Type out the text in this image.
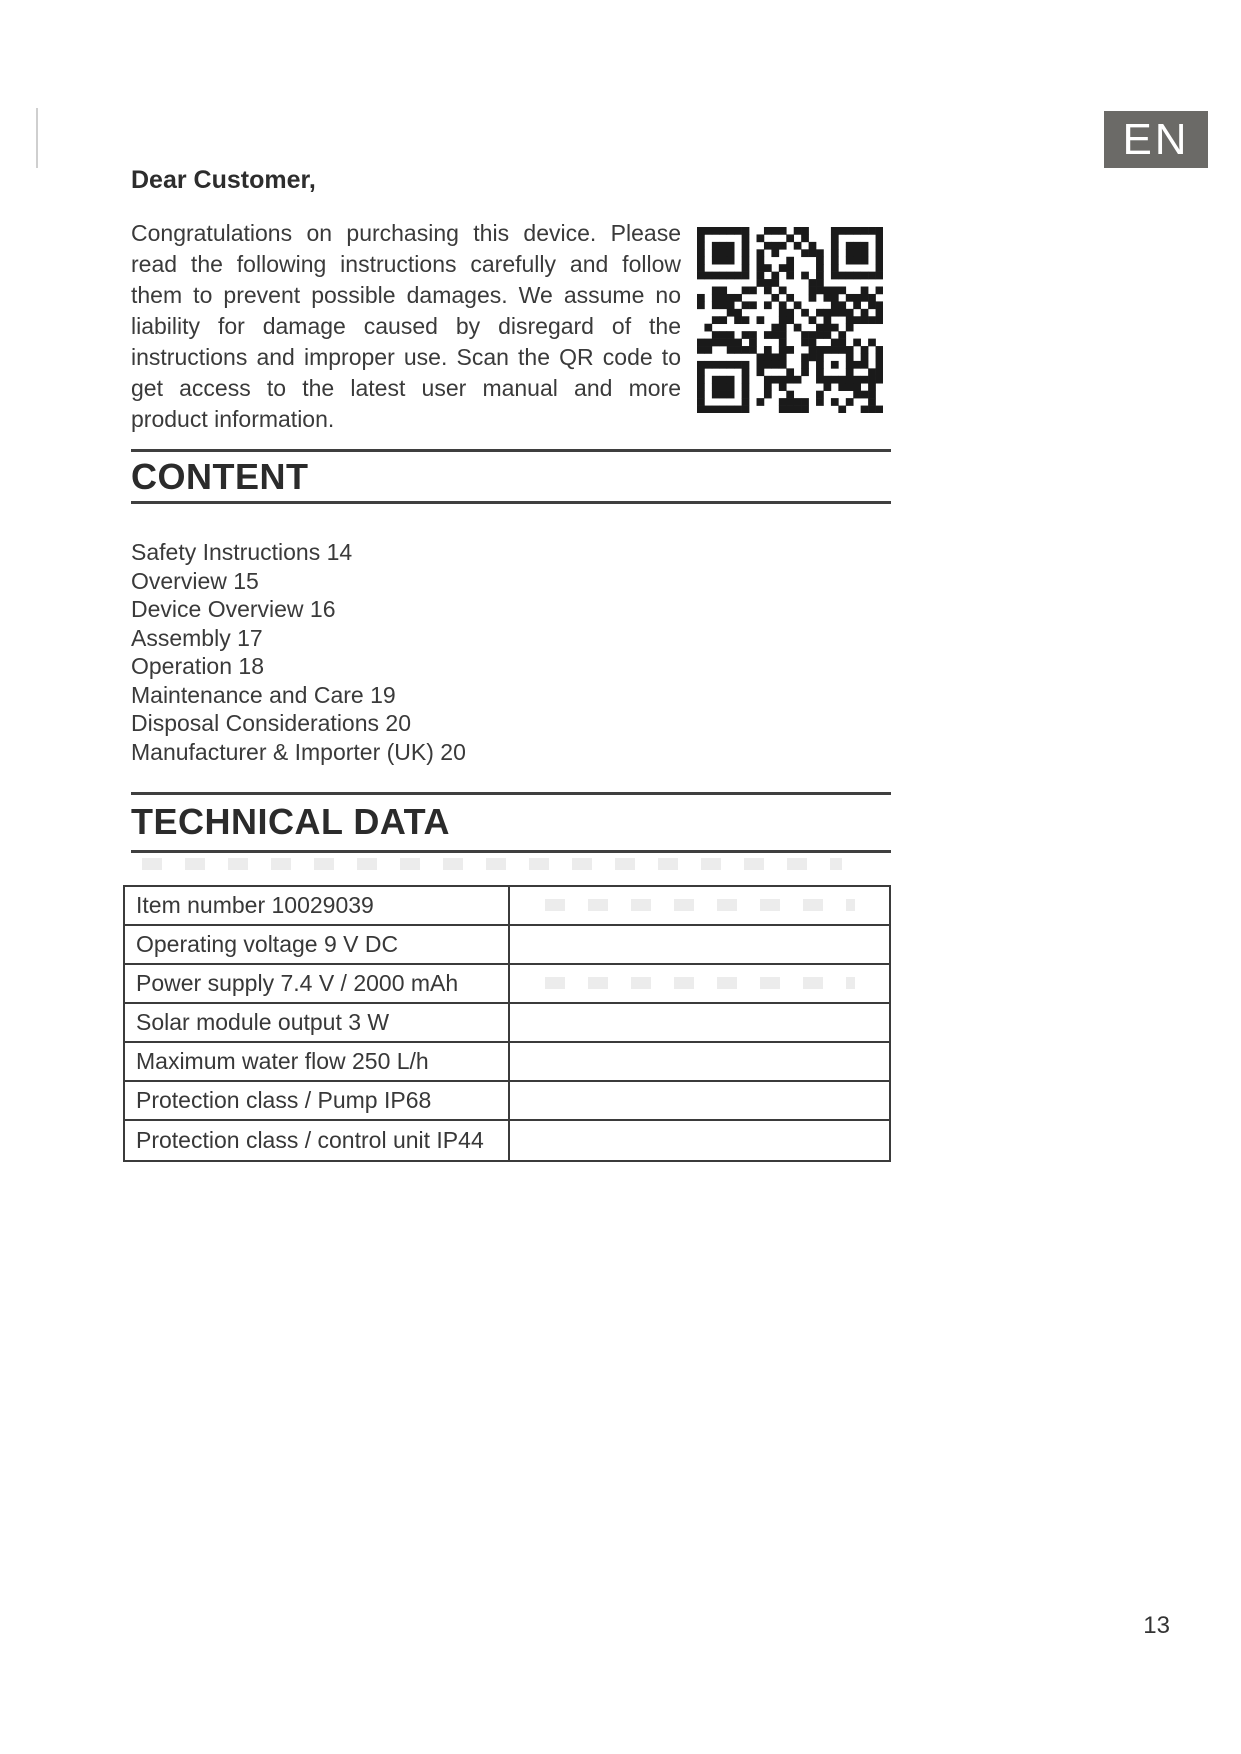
EN
Dear Customer,
Congratulations on purchasing this device. Please read the following instructions carefully and follow them to prevent possible damages. We assume no liability for damage caused by disregard of the instructions and improper use. Scan the QR code to get access to the latest user manual and more product information.
CONTENT
Safety Instructions 14
Overview 15
Device Overview 16
Assembly 17
Operation 18
Maintenance and Care 19
Disposal Considerations 20
Manufacturer & Importer (UK) 20
TECHNICAL DATA
Item number 10029039
Operating voltage 9 V DC
Power supply 7.4 V / 2000 mAh
Solar module output 3 W
Maximum water flow 250 L/h
Protection class / Pump IP68
Protection class / control unit IP44
13
